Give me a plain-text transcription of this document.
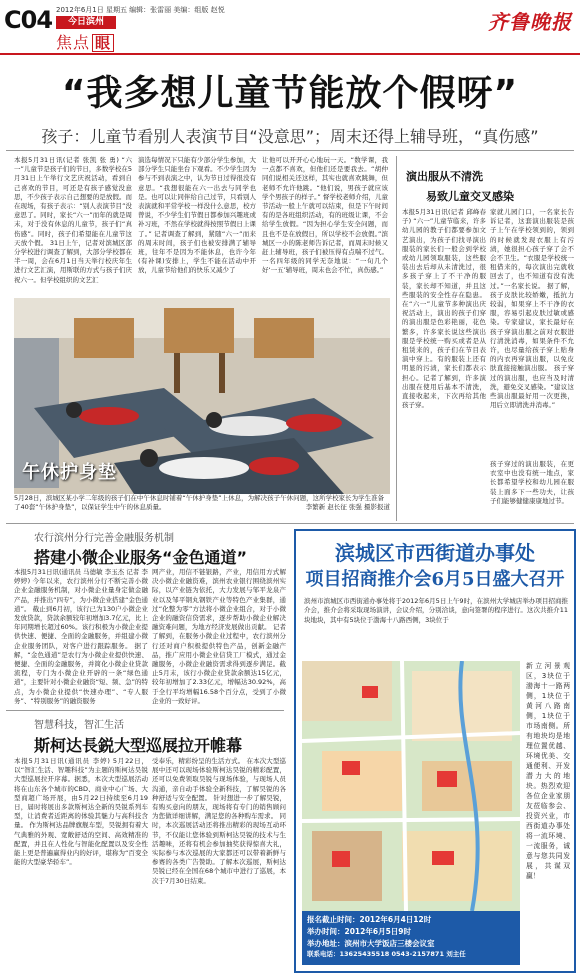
C04 2012年6月1日 星期五 编辑：张雷丽 美编：组版 赵悦
今日滨州
焦点 眼
齐鲁晚报
“我多想儿童节能放个假呀”
孩子：儿童节看别人表演节目“没意思”；周末还得上辅导班，“真伤感”
本报5月31日讯(记者 张凯 张 勇) “六一”儿童节是孩子们的节日，多数学校在5月31日上午举行文艺庆祝活动，看到自己喜欢的节目，可还是有孩子感觉没意思，不少孩子表示自己想要的是放假。而在现场，有孩子表示：“别人表演节目”没意思了。同时，家长“六一”而年的就是周末，对于没有休息的儿童节，孩子们“真伤感”。同时，孩子们希望能在儿童节这天放个假。 31日上午，记者对滨城区部分学校进行调查了解到，大部分学校都在半一周，会在6月1日当天举行校庆年生进行文艺汇演，用斯联的方式与孩子们庆祝六一。但学校组织的文艺汇
演选每情况下只能有少部分学生参加，大部分学生只能坐台下观看。不少学生因为参与不到表演之中，认为节日过得很没有意思。“我想很能在六一出去与同学也是。也可以让同伴给自己过节，只看别人表演就和平常学校一样没什么意思，校方曾说，不少学生们节假日都参加兴趣班或补习班，不然在学校就得按照节假日上课了。” 记者调查了解到，紧随“六一”而来的周末时间，孩子们也被安排满了辅导班，往年不是因为不能休息，也许今年(有补课)安排上，学生不能在活动中开放，儿童节给他们的快乐又减少了
让他可以开开心心地玩一天。“数学课，我一点都不喜欢，但他们还是要我去。“胡仲同们说相关还这样，其实也就喜欢跳舞，但老师不允许他跳。“他们说，男孩子就应该学个男孩子的样子。” 督学校老师介绍，儿童节活动一般上午就可以结束，但是下午时间有的是各班组织活动，有的班级让课，不会给学生放假。“因为担心学生安全问题，而且也不是在放假日，所以学校不会放假。”滨城区一小的陈老师告诉记者，而周末时候又赶上辅导班，孩子们被压得有点喘不过气。一名四年级的同学无奈地说：“一旬几个好‘一五’辅导班，周末也会不忙，真伤感。”
午休护身垫
5月28日，滨城区某小学二年级的孩子们在中午休息时铺着“午休护身垫”上休息，为解决孩子午休问题，这所学校家长为学生准备了40套“午休护身垫”，以保证学生中午的休息质量。	李繁新 赵长征 张强 摄影报道
演出服从不清洗
易致儿童交叉感染
本报5月31日讯(记者 邱峰春子) “六一”儿童节临来，许多幼儿园的教子们都要参加文艺演出，为孩子们找寻演出服装的家长们一般会到学校或幼儿园领取服装，这些服装出去后却从未清洗过，很多孩子穿上了不干净的服装，家长却不知道，并且这些服装的安全性存在隐患。 在“六一”儿童节多种演出庆祝活动上，演出的孩子们穿的演出服是色彩艳丽，花色繁多，许多家长说这些演出服是学校统一购买或者是从租赁来的，孩子们在节目表演中穿上。有的服装上还有明显的污渍，家长们都表示担心。记者了解到，许多演出服在使用后基本不清洗，直接收起来，下次再给其他孩子穿。
家就儿园门口，一名家长告诉记者，这套演出服装是孩子上午在学校领到的，领到的时候就发现衣服上有污渍，她很担心孩子穿了会不会不卫生。“衣服是学校统一租借来的，每次演出完就收回去了，也不知道有没有洗过。”一名家长说。 据了解，孩子皮肤比较娇嫩，抵抗力较弱，如果穿上不干净的衣服，容易引起皮肤过敏或感染。专家建议，家长最好在孩子穿演出服之前对衣服进行清洗消毒，如果条件不允许，也尽量给孩子穿上贴身的内衣再穿演出服，以免皮肤直接接触演出服。 孩子穿过的演出服，也应当及时清洗，避免交叉感染。“建议这些演出服最好用一次更换，用后立即清洗并消毒。”
孩子穿过的演出服装，在更衣室中也没有统一地点，家长都希望学校和幼儿园在服装上面多下一些功夫，让孩子们能够健健康康地过节。
农行滨州分行完善金融服务机制
搭建小微企业服务“金色通道”
本报5月31日讯(通讯员 马德敏 李玉杰 记者 李婷婷) 今年以来，农行滨州分行不断完善小微企业金融服务机制，对小微企业量身定做金融产品，并推出“四专”，为小微企业搭建“金色通道”。 截止到6月初，该行已为130户小微企业发放贷款，贷款余额较年初增加3.7亿元，比上年同期增长超过60%。该行积极为小微企业提供快速、便捷、全面的金融服务，并组建小微企业服务团队，对客户进行跟踪服务。 据了解，“金色通道”是农行为小微企业提供快速、便捷、全面的金融服务，并简化小微企业贷款流程，专门为小微企业开辟的一条“绿色通道”，主要针对小微企业融资“短、频、急”的特点，为小微企业提供“快速办理”、“专人服务”、“特别服务”的融资服务
网产业，用信不链银路，产业，用信用方式解决小微企业融资难，滨州农业银行围绕滨州实际，以产业链为依托，大力发展与邹平龙泉产业以及邹平钢丸钢铁产业等特色产业集群，通过“化整为零”方法将小微企业组合，对于小微企业的融资信贷需求，逐步帮助小微企业解决融资难问题，为地方经济发展做出贡献。 记者了解到，在服务小微企业过程中，农行滨州分行还对商户积极提供特色产品，创新金融产品，推广应用小微企业信贷工厂模式，通过金融服务，小微企业融资需求得到逐步满足。截止5月末，该行小微企业贷款余额达15亿元，较年初增加了2.33亿元，增幅达30.92%，高于全行平均增幅16.58个百分点，受到了小微企业的一致好评。
智慧科技，智汇生活
斯柯达長鋭大型巡展拉开帷幕
本报5月31日讯(通讯员 李婷) 5月22日，以“智汇生活、智趣科技”为主题的斯柯达昊锐大型巡展拉开序幕。据悉，本次大型巡展活动将在山东各个城市的CBD、商业中心广场、大型商超广场开展，由5月22日持续至6月19日，届时将展出多款斯柯达全新的昊锐系列车型，让消费者近距离的体验其魅力与高科技含量。 作为斯柯达品牌旗舰车型，昊锐拥有着大气典雅的外观、宽敞舒适的空间、高效精准的配置，并且在人性化与智能化配置以及安全性能上更是普遍赢得业内的好评，堪称为“百变全能的大型豪华轿车”。
受奉乐，精彩纷呈的生活方式。 在本次大型巡展中还可以现场体验斯柯达昊锐的精彩配置，还可以免费领取昊锐与现场体验，与现场人员沟通，亲自动手体验全新科技，了解昊锐的各种舒适与安全配置。 针对想进一步了解昊锐，有购买意向的朋友，现场将有专门的销售顾问为您做详细讲解，满足您的各种购车需求。 同时，本次巡展活动还将推出精彩的现场互动环节，不仅能让您体验到斯柯达昊锐的技术与生活趣味，还将有机会参加抽奖获得惊喜大礼，实际参与本次巡展的大家都还可以带着新鲜与参赛的各类广告赞助。了解本次巡展，斯柯达昊锐已经在全国在68个城市中进行了巡展，本次于7月30日结束。
滨城区市西街道办事处
项目招商推介会6月5日盛大召开
滨州市滨城区市西街道办事处将于2012年6月5日上午9时，在滨州大学城店举办项目招商推介会，推介会将采取现场演讲，会议介绍，分别洽谈，意向签署的程序进行。这次共推介11块地块，其中有5块位于渤海十八路西侧，3块位于
报名截止时间：2012年6月4日12时
举办时间：2012年6月5日9时
举办地址：滨州市大学饭店三楼会议室
联系电话：13625435518 0543-2157871 刘主任
新立河景观区，3块位于渤海十一路两侧，1块位于黄河八路南侧，1块位于市场南侧。所有地块均是地理位置优越、环境优美、交通便利、开发潜力大的地块。热烈欢迎各位企业家朋友莅临参会、投资兴业，市西街道办事处将一流环境、一流服务，诚意与您共同发展，共谋双赢！
